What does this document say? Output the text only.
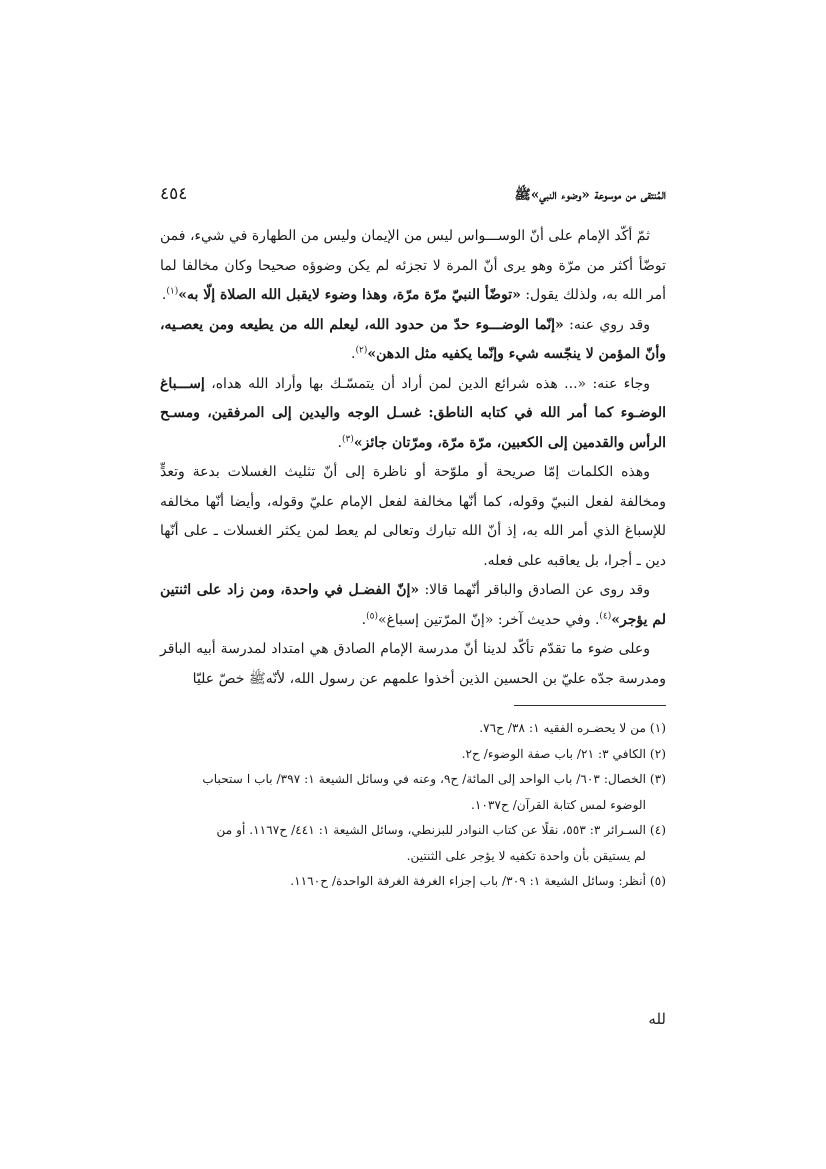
المُنتقى من موسوعة «وضوء النبي»ﷺ
٤٥٤

ثمّ أكّد الإمام على أنّ الوســـواس ليس من الإيمان وليس من الطهارة في شيء، فمن توضّأ أكثر من مرّة وهو يرى أنّ المرة لا تجزئه لم يكن وضوؤه صحيحا وكان مخالفا لما أمر الله به، ولذلك يقول: «توضّأ النبيّ مرّة مرّة، وهذا وضوء لايقبل الله الصلاة إلّا به»$^{(١)}$.

وقد روي عنه: «إنّما الوضـــوء حدّ من حدود الله، ليعلم الله من يطيعه ومن يعصـيه، وأنّ المؤمن لا ينجّسه شيء وإنّما يكفيه مثل الدهن»$^{(٢)}$.

وجاء عنه: «... هذه شرائع الدين لمن أراد أن يتمسّـك بها وأراد الله هداه، إســـباغ الوضـوء كما أمر الله في كتابه الناطق: غسـل الوجه واليدين إلى المرفقين، ومسـح الرأس والقدمين إلى الكعبين، مرّة مرّة، ومرّتان جائز»$^{(٣)}$.

وهذه الكلمات إمّا صريحة أو ملوّحة أو ناظرة إلى أنّ تثليث الغسلات بدعة وتعدٍّ ومخالفة لفعل النبيّ وقوله، كما أنّها مخالفة لفعل الإمام عليّ وقوله، وأيضا أنّها مخالفه للإسباغ الذي أمر الله به، إذ أنّ الله تبارك وتعالى لم يعط لمن يكثر الغسلات ـ على أنّها دين ـ أجرا، بل يعاقبه على فعله.

وقد روى عن الصادق والباقر أنّهما قالا: «إنّ الفضـل في واحدة، ومن زاد على اثنتين لم يؤجر»$^{(٤)}$. وفي حديث آخر: «إنّ المرّتين إسباغ»$^{(٥)}$.

وعلى ضوء ما تقدّم تأكّد لدينا أنّ مدرسة الإمام الصادق هي امتداد لمدرسة أبيه الباقر ومدرسة جدّه عليّ بن الحسين الذين أخذوا علمهم عن رسول الله، لأنّهﷺ خصّ عليّا

(١) من لا يحضـره الفقيه ١: ٣٨/ ح٧٦.

(٢) الكافي ٣: ٢١/ باب صفة الوضوء/ ح٢.

(٣) الخصال: ٦٠٣/ باب الواحد إلى المائة/ ح٩، وعنه في وسائل الشيعة ١: ٣٩٧/ باب ا ستحباب
الوضوء لمس كتابة القرآن/ ح١٠٣٧.

(٤) السـرائر ٣: ٥٥٣، نقلًا عن كتاب النوادر للبزنطي، وسائل الشيعة ١: ٤٤١/ ح١١٦٧. أو من
لم يستيقن بأن واحدة تكفيه لا يؤجر على الثنتين.

(٥) أنظر: وسائل الشيعة ١: ٣٠٩/ باب إجزاء الغرفة الغرفة الواحدة/ ح١١٦٠.

لله
